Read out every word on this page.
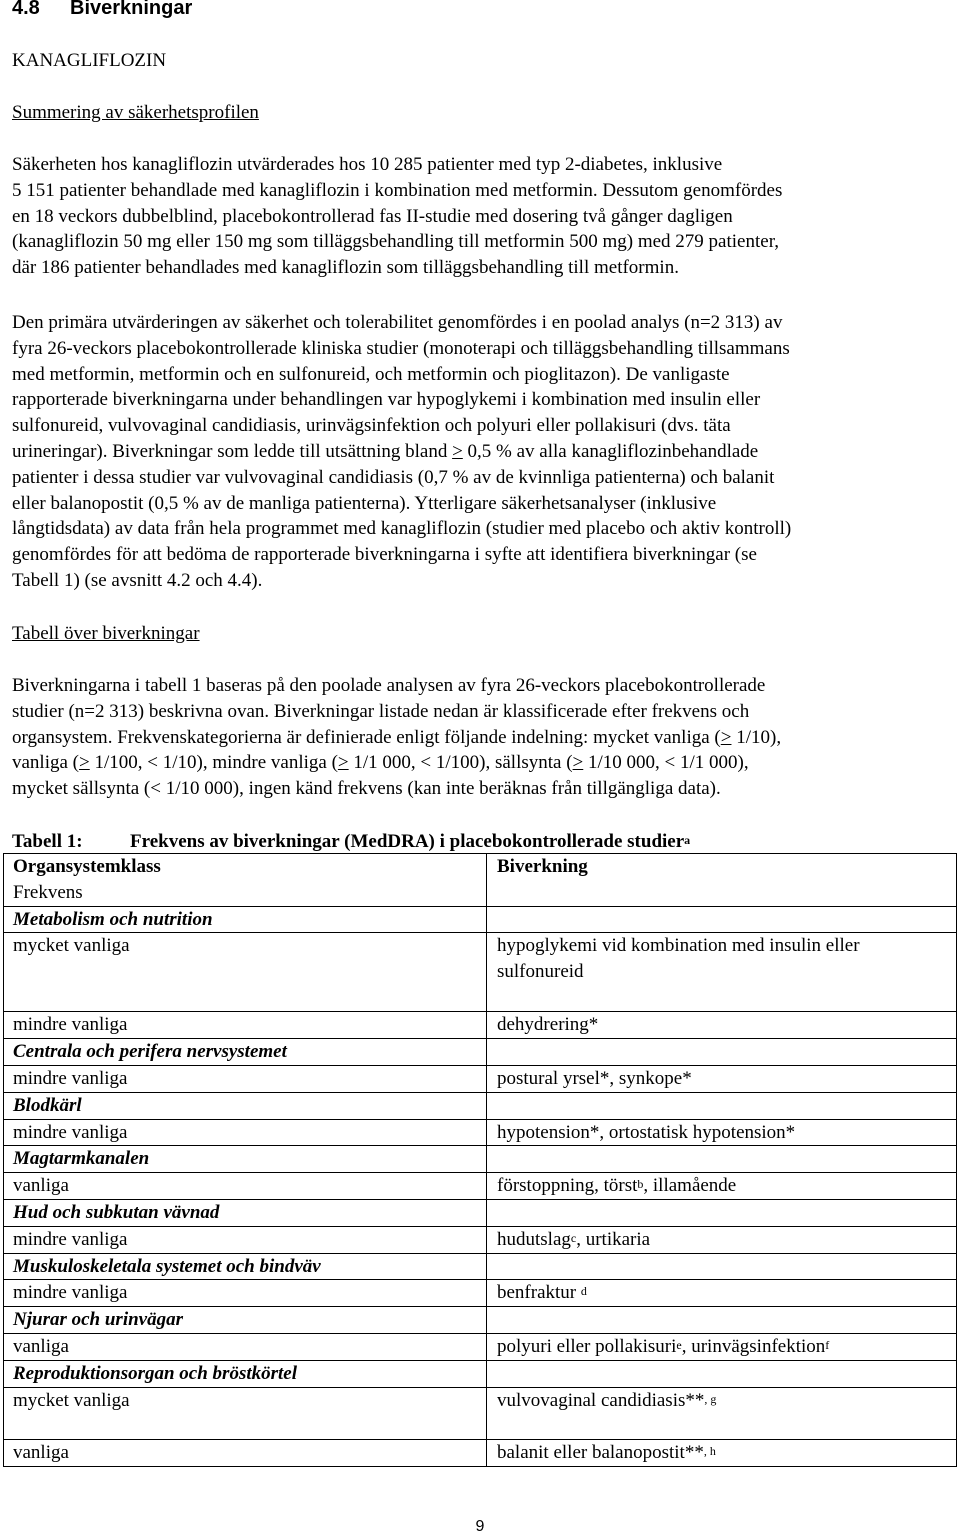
4.8 Biverkningar
KANAGLIFLOZIN
Summering av säkerhetsprofilen

Säkerheten hos kanagliflozin utvärderades hos 10 285 patienter med typ 2-diabetes, inklusive

5 151 patienter behandlade med kanagliflozin i kombination med metformin. Dessutom genomfördes

en 18 veckors dubbelblind, placebokontrollerad fas II-studie med dosering två gånger dagligen

(kanagliflozin 50 mg eller 150 mg som tilläggsbehandling till metformin 500 mg) med 279 patienter,

där 186 patienter behandlades med kanagliflozin som tilläggsbehandling till metformin.

Den primära utvärderingen av säkerhet och tolerabilitet genomfördes i en poolad analys (n=2 313) av

fyra 26-veckors placebokontrollerade kliniska studier (monoterapi och tilläggsbehandling tillsammans

med metformin, metformin och en sulfonureid, och metformin och pioglitazon). De vanligaste

rapporterade biverkningarna under behandlingen var hypoglykemi i kombination med insulin eller

sulfonureid, vulvovaginal candidiasis, urinvägsinfektion och polyuri eller pollakisuri (dvs. täta

urineringar). Biverkningar som ledde till utsättning bland ≥ 0,5 % av alla kanagliflozinbehandlade

patienter i dessa studier var vulvovaginal candidiasis (0,7 % av de kvinnliga patienterna) och balanit

eller balanopostit (0,5 % av de manliga patienterna). Ytterligare säkerhetsanalyser (inklusive

långtidsdata) av data från hela programmet med kanagliflozin (studier med placebo och aktiv kontroll)

genomfördes för att bedöma de rapporterade biverkningarna i syfte att identifiera biverkningar (se

Tabell 1) (se avsnitt 4.2 och 4.4).

Tabell över biverkningar

Biverkningarna i tabell 1 baseras på den poolade analysen av fyra 26-veckors placebokontrollerade

studier (n=2 313) beskrivna ovan. Biverkningar listade nedan är klassificerade efter frekvens och

organsystem. Frekvenskategorierna är definierade enligt följande indelning: mycket vanliga (≥ 1/10),

vanliga (≥ 1/100, < 1/10), mindre vanliga (≥ 1/1 000, < 1/100), sällsynta (≥ 1/10 000, < 1/1 000),

mycket sällsynta (< 1/10 000), ingen känd frekvens (kan inte beräknas från tillgängliga data).

Tabell 1: Frekvens av biverkningar (MedDRA) i placebokontrollerade studier$^a$
Organsystemklass
Frekvens	Biverkning

Metabolism och nutrition	
mycket vanliga	hypoglykemi vid kombination med insulin eller
sulfonureid

mindre vanliga	dehydrering*
Centrala och perifera nervsystemet	
mindre vanliga	postural yrsel*, synkope*
Blodkärl	
mindre vanliga	hypotension*, ortostatisk hypotension*
Magtarmkanalen	
vanliga	förstoppning, törst$^b$, illamående
Hud och subkutan vävnad	
mindre vanliga	hudutslag$^c$, urtikaria
Muskuloskeletala systemet och bindväv	
mindre vanliga	benfraktur $^d$
Njurar och urinvägar	
vanliga	polyuri eller pollakisuri$^e$, urinvägsinfektion$^f$
Reproduktionsorgan och bröstkörtel	
mycket vanliga	vulvovaginal candidiasis**$^{, g}$
vanliga	balanit eller balanopostit**$^{, h}$
9
